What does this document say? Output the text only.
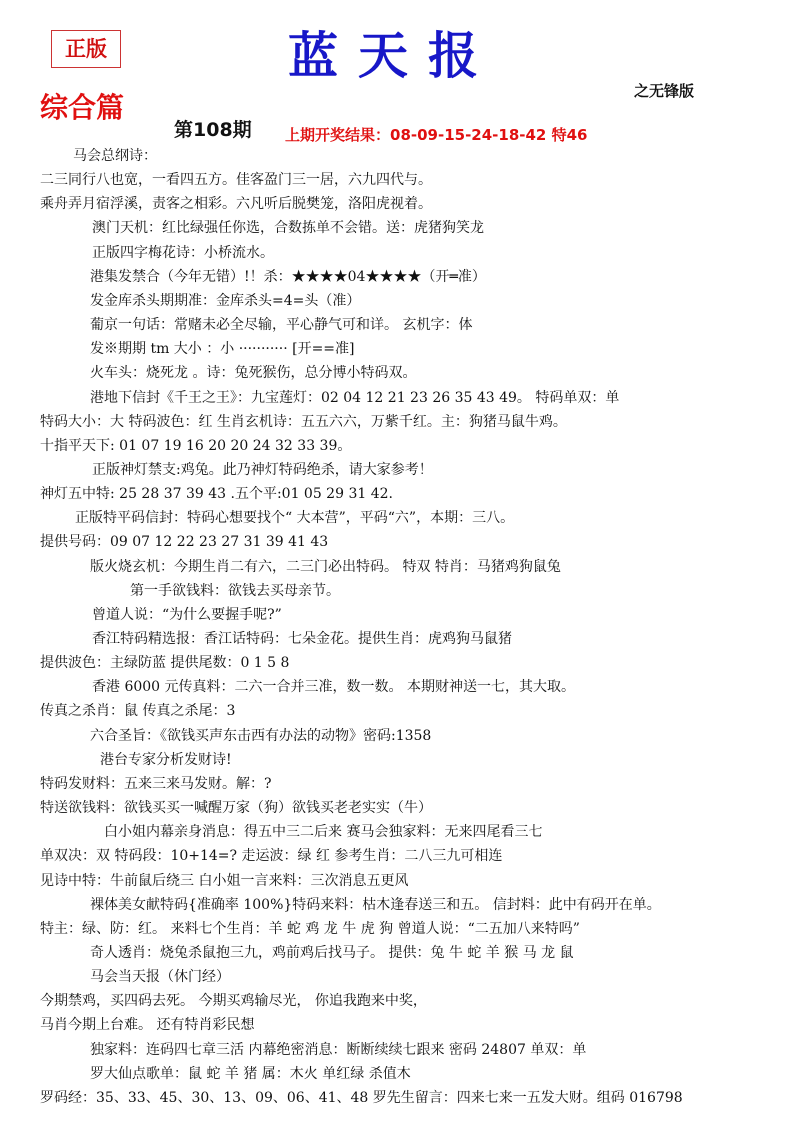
正版	蓝天报
之无锋版
综合篇
第108期 上期开奖结果：08-09-15-24-18-42 特46
马会总纲诗：
二三同行八也宽，一看四五方。佳客盈门三一居，六九四代与。
乘舟弄月宿浮溪，责客之相彩。六凡听后脱樊笼，洛阳虎视着。
澳门天机：红比绿强任你选，合数拣单不会错。送：虎猪狗笑龙
正版四字梅花诗：小桥流水。
港集发禁合（今年无错）!！杀：★★★★04★★★★（开═准）
发金库杀头期期准：金库杀头=4=头（准）
葡京一句话：常赌未必全尽输，平心静气可和详。 玄机字：体
发※期期 tm 大小 ：小 ··········· [开==准]
火车头：烧死龙 。诗：兔死猴伤，总分博小特码双。
港地下信封《千王之王》：九宝莲灯：02 04 12 21 23 26 35 43 49。 特码单双：单
特码大小：大 特码波色：红 生肖玄机诗：五五六六，万紫千红。主：狗猪马鼠牛鸡。
十指平天下: 01 07 19 16 20 20 24 32 33 39。
正版神灯禁支:鸡兔。此乃神灯特码绝杀，请大家参考！
神灯五中特: 25 28 37 39 43 .五个平:01 05 29 31 42.
正版特平码信封：特码心想要找个“ 大本营”，平码“六”，本期：三八。
提供号码：09 07 12 22 23 27 31 39 41 43
版火烧玄机：今期生肖二有六，二三门必出特码。 特双 特肖：马猪鸡狗鼠兔
第一手欲钱料：欲钱去买母亲节。
曾道人说：“为什么要握手呢?”
香江特码精选报：香江话特码：七朵金花。提供生肖：虎鸡狗马鼠猪
提供波色：主绿防蓝 提供尾数：0 1 5 8
香港 6000 元传真料：二六一合并三准，数一数。 本期财神送一七，其大取。
传真之杀肖：鼠 传真之杀尾：3
六合圣旨：《欲钱买声东击西有办法的动物》密码:1358
港台专家分析发财诗!
特码发财料：五来三来马发财。解：?
特送欲钱料：欲钱买买一喊醒万家（狗）欲钱买老老实实（牛）
白小姐内幕亲身消息：得五中三二后来 赛马会独家料：无来四尾看三七
单双决：双 特码段：10+14=? 走运波：绿 红 参考生肖：二八三九可相连
见诗中特：牛前鼠后绕三 白小姐一言来料：三次消息五更风
裸体美女献特码{准确率 100%}特码来料：枯木逢春送三和五。 信封料：此中有码开在单。
特主：绿、防：红。 来料七个生肖：羊 蛇 鸡 龙 牛 虎 狗 曾道人说：“二五加八来特吗”
奇人透肖：烧兔杀鼠抱三九，鸡前鸡后找马子。 提供：兔 牛 蛇 羊 猴 马 龙 鼠
马会当天报（休门经）
今期禁鸡，买四码去死。 今期买鸡输尽光， 你追我跑来中奖，
马肖今期上台难。 还有特肖彩民想
独家料：连码四七章三活 内幕绝密消息：断断续续七跟来 密码 24807 单双：单
罗大仙点歌单：鼠 蛇 羊 猪 属：木火 单红绿 杀值木
罗码经：35、33、45、30、13、09、06、41、48 罗先生留言：四来七来一五发大财。组码 016798
